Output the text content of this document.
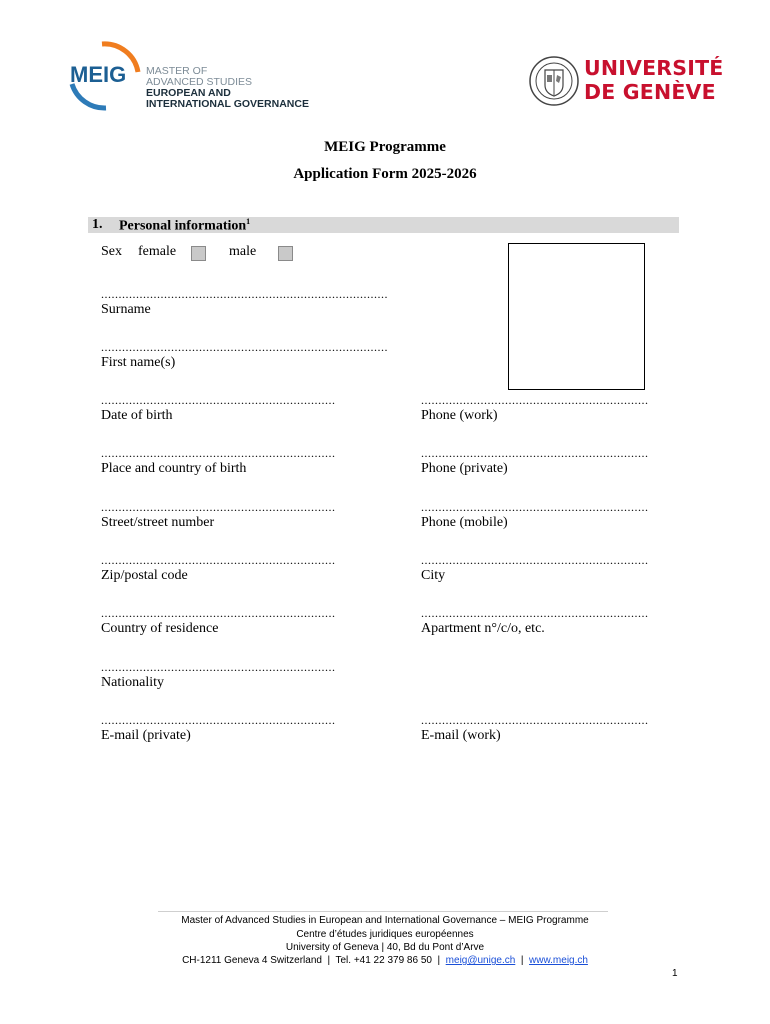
MEIG MASTER OF
ADVANCED STUDIES
EUROPEAN AND
INTERNATIONAL GOVERNANCE
UNIVERSITÉ
DE GENÈVE
MEIG Programme
Application Form 2025-2026
1. Personal information$^1$
Sex female	male
..................................................................................
Surname
..................................................................................
First name(s)
...................................................................
Date of birth
.................................................................
Phone (work)
...................................................................
Place and country of birth
.................................................................
Phone (private)
...................................................................
Street/street number
.................................................................
Phone (mobile)
...................................................................
Zip/postal code
.................................................................
City
...................................................................
Country of residence
.................................................................
Apartment n°/c/o, etc.
...................................................................
Nationality
...................................................................
E-mail (private)
.................................................................
E-mail (work)
Master of Advanced Studies in European and International Governance – MEIG Programme
Centre d’études juridiques européennes
University of Geneva | 40, Bd du Pont d’Arve
CH-1211 Geneva 4 Switzerland  |  Tel. +41 22 379 86 50  |  meig@unige.ch  |  www.meig.ch
1
